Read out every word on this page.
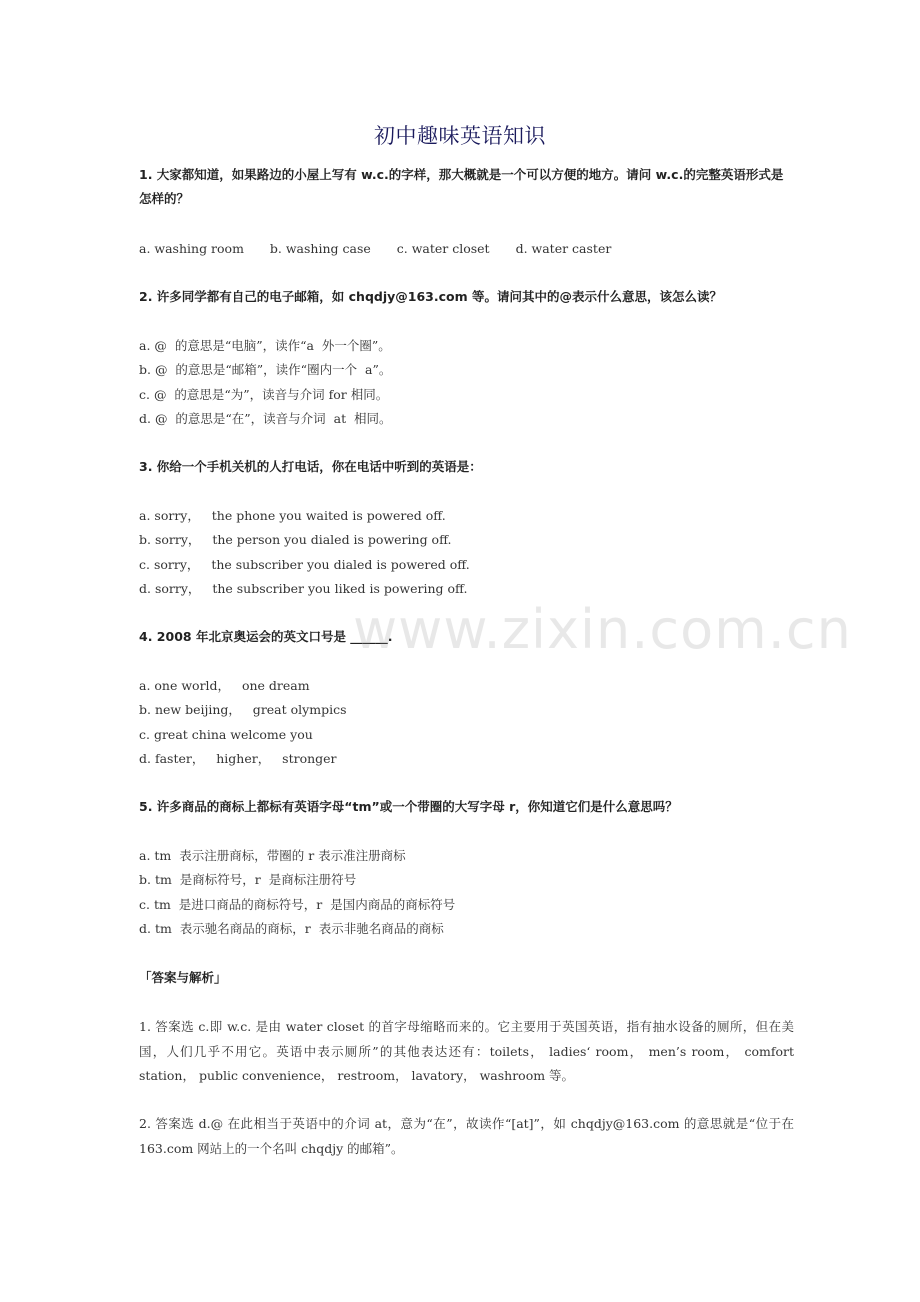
初中趣味英语知识
1. 大家都知道，如果路边的小屋上写有 w.c.的字样，那大概就是一个可以方便的地方。请问 w.c.的完整英语形式是怎样的？
a. washing room b. washing case c. water closet d. water caster
2. 许多同学都有自己的电子邮箱，如 chqdjy@163.com 等。请问其中的@表示什么意思，该怎么读？
a. @  的意思是“电脑”，读作“a  外一个圈”。
b. @  的意思是“邮箱”，读作“圈内一个  a”。
c. @  的意思是“为”，读音与介词 for 相同。
d. @  的意思是“在”，读音与介词  at  相同。
3. 你给一个手机关机的人打电话，你在电话中听到的英语是：
a. sorry，   the phone you waited is powered off.
b. sorry，   the person you dialed is powering off.
c. sorry，   the subscriber you dialed is powered off.
d. sorry，   the subscriber you liked is powering off.
4. 2008 年北京奥运会的英文口号是 ______.
a. one world，   one dream
b. new beijing，   great olympics
c. great china welcome you
d. faster，   higher，   stronger
5. 许多商品的商标上都标有英语字母“tm”或一个带圈的大写字母 r，你知道它们是什么意思吗？
a. tm  表示注册商标，带圈的 r 表示准注册商标
b. tm  是商标符号，r  是商标注册符号
c. tm  是进口商品的商标符号，r  是国内商品的商标符号
d. tm  表示驰名商品的商标，r  表示非驰名商品的商标
「答案与解析」
1. 答案选 c.即 w.c. 是由 water closet 的首字母缩略而来的。它主要用于英国英语，指有抽水设备的厕所，但在美国，人们几乎不用它。英语中表示厕所”的其他表达还有：toilets， ladies‘ room， men’s room， comfort station， public convenience， restroom， lavatory， washroom 等。
2. 答案选 d.@ 在此相当于英语中的介词 at，意为“在”，故读作“[at]”，如 chqdjy@163.com 的意思就是“位于在 163.com 网站上的一个名叫 chqdjy 的邮箱”。
www.zixin.com.cn
